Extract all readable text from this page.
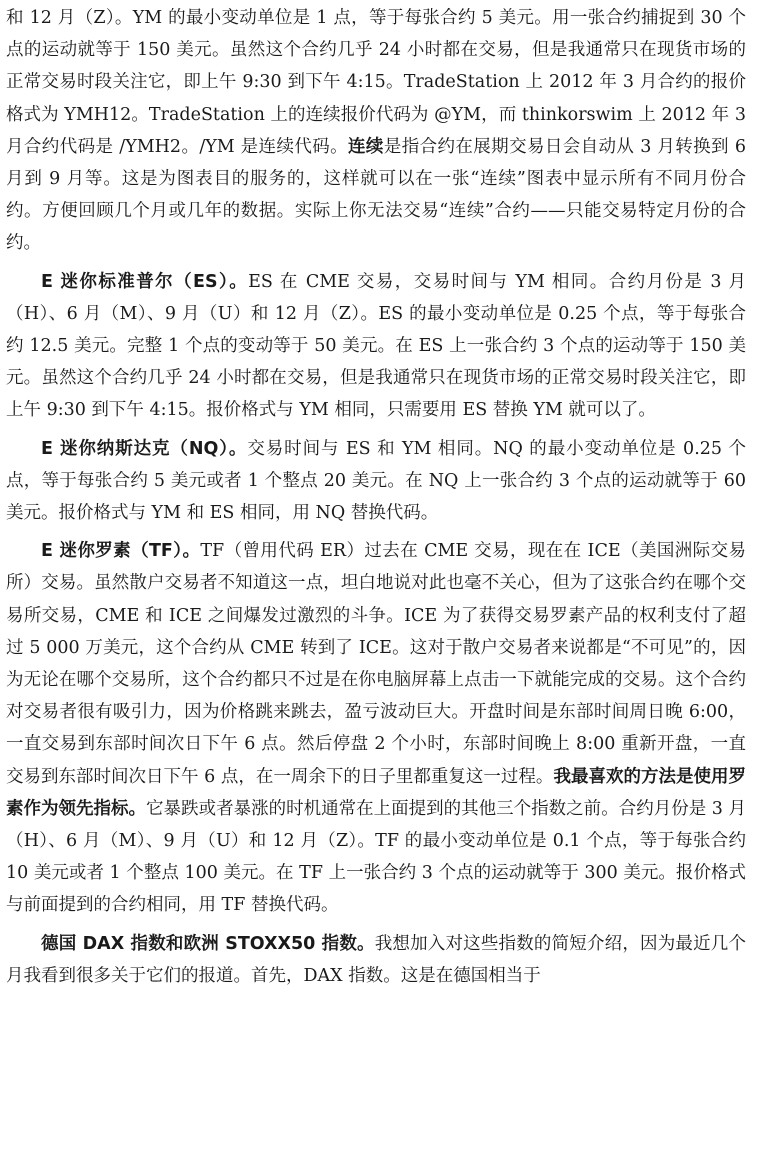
和 12 月（Z）。YM 的最小变动单位是 1 点，等于每张合约 5 美元。用一张合约捕捉到 30 个点的运动就等于 150 美元。虽然这个合约几乎 24 小时都在交易，但是我通常只在现货市场的正常交易时段关注它，即上午 9:30 到下午 4:15。TradeStation 上 2012 年 3 月合约的报价格式为 YMH12。TradeStation 上的连续报价代码为 @YM，而 thinkorswim 上 2012 年 3 月合约代码是 /YMH2。/YM 是连续代码。连续是指合约在展期交易日会自动从 3 月转换到 6 月到 9 月等。这是为图表目的服务的，这样就可以在一张“连续”图表中显示所有不同月份合约。方便回顾几个月或几年的数据。实际上你无法交易“连续”合约——只能交易特定月份的合约。

E 迷你标准普尔（ES）。ES 在 CME 交易，交易时间与 YM 相同。合约月份是 3 月（H）、6 月（M）、9 月（U）和 12 月（Z）。ES 的最小变动单位是 0.25 个点，等于每张合约 12.5 美元。完整 1 个点的变动等于 50 美元。在 ES 上一张合约 3 个点的运动等于 150 美元。虽然这个合约几乎 24 小时都在交易，但是我通常只在现货市场的正常交易时段关注它，即上午 9:30 到下午 4:15。报价格式与 YM 相同，只需要用 ES 替换 YM 就可以了。

E 迷你纳斯达克（NQ）。交易时间与 ES 和 YM 相同。NQ 的最小变动单位是 0.25 个点，等于每张合约 5 美元或者 1 个整点 20 美元。在 NQ 上一张合约 3 个点的运动就等于 60 美元。报价格式与 YM 和 ES 相同，用 NQ 替换代码。

E 迷你罗素（TF）。TF（曾用代码 ER）过去在 CME 交易，现在在 ICE（美国洲际交易所）交易。虽然散户交易者不知道这一点，坦白地说对此也毫不关心，但为了这张合约在哪个交易所交易，CME 和 ICE 之间爆发过激烈的斗争。ICE 为了获得交易罗素产品的权利支付了超过 5 000 万美元，这个合约从 CME 转到了 ICE。这对于散户交易者来说都是“不可见”的，因为无论在哪个交易所，这个合约都只不过是在你电脑屏幕上点击一下就能完成的交易。这个合约对交易者很有吸引力，因为价格跳来跳去，盈亏波动巨大。开盘时间是东部时间周日晚 6:00，一直交易到东部时间次日下午 6 点。然后停盘 2 个小时，东部时间晚上 8:00 重新开盘，一直交易到东部时间次日下午 6 点，在一周余下的日子里都重复这一过程。我最喜欢的方法是使用罗素作为领先指标。它暴跌或者暴涨的时机通常在上面提到的其他三个指数之前。合约月份是 3 月（H）、6 月（M）、9 月（U）和 12 月（Z）。TF 的最小变动单位是 0.1 个点，等于每张合约 10 美元或者 1 个整点 100 美元。在 TF 上一张合约 3 个点的运动就等于 300 美元。报价格式与前面提到的合约相同，用 TF 替换代码。

德国 DAX 指数和欧洲 STOXX50 指数。我想加入对这些指数的简短介绍，因为最近几个月我看到很多关于它们的报道。首先，DAX 指数。这是在德国相当于
